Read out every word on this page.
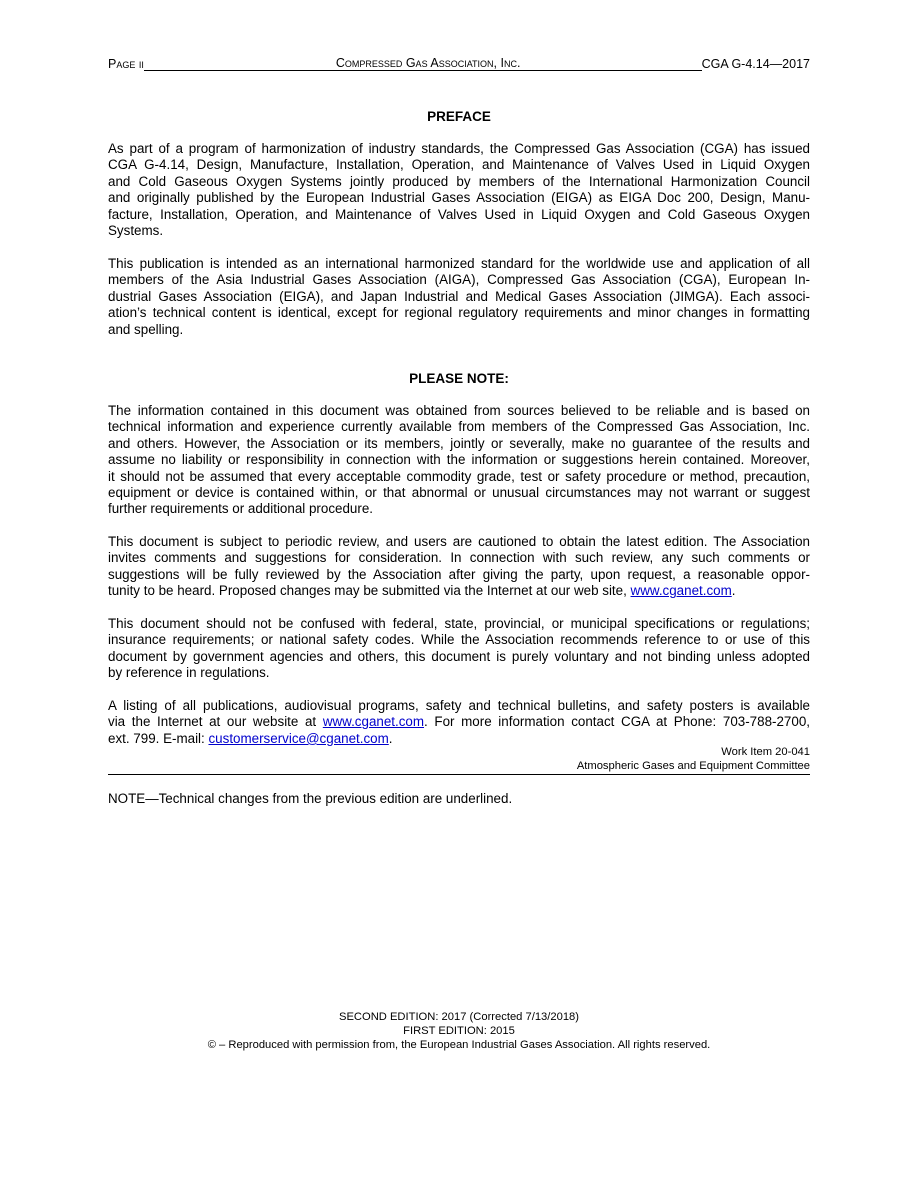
Page ii	Compressed Gas Association, Inc.	CGA G-4.14—2017
PREFACE

As part of a program of harmonization of industry standards, the Compressed Gas Association (CGA) has issued
CGA G-4.14, Design, Manufacture, Installation, Operation, and Maintenance of Valves Used in Liquid Oxygen
and Cold Gaseous Oxygen Systems jointly produced by members of the International Harmonization Council
and originally published by the European Industrial Gases Association (EIGA) as EIGA Doc 200, Design, Manu-
facture, Installation, Operation, and Maintenance of Valves Used in Liquid Oxygen and Cold Gaseous Oxygen
Systems.

This publication is intended as an international harmonized standard for the worldwide use and application of all
members of the Asia Industrial Gases Association (AIGA), Compressed Gas Association (CGA), European In-
dustrial Gases Association (EIGA), and Japan Industrial and Medical Gases Association (JIMGA). Each associ-
ation’s technical content is identical, except for regional regulatory requirements and minor changes in formatting
and spelling.

PLEASE NOTE:

The information contained in this document was obtained from sources believed to be reliable and is based on
technical information and experience currently available from members of the Compressed Gas Association, Inc.
and others. However, the Association or its members, jointly or severally, make no guarantee of the results and
assume no liability or responsibility in connection with the information or suggestions herein contained. Moreover,
it should not be assumed that every acceptable commodity grade, test or safety procedure or method, precaution,
equipment or device is contained within, or that abnormal or unusual circumstances may not warrant or suggest
further requirements or additional procedure.

This document is subject to periodic review, and users are cautioned to obtain the latest edition. The Association
invites comments and suggestions for consideration. In connection with such review, any such comments or
suggestions will be fully reviewed by the Association after giving the party, upon request, a reasonable oppor-
tunity to be heard. Proposed changes may be submitted via the Internet at our web site, www.cganet.com.

This document should not be confused with federal, state, provincial, or municipal specifications or regulations;
insurance requirements; or national safety codes. While the Association recommends reference to or use of this
document by government agencies and others, this document is purely voluntary and not binding unless adopted
by reference in regulations.

A listing of all publications, audiovisual programs, safety and technical bulletins, and safety posters is available
via the Internet at our website at www.cganet.com. For more information contact CGA at Phone: 703-788-2700,
ext. 799. E-mail: customerservice@cganet.com.

Work Item 20-041
Atmospheric Gases and Equipment Committee
NOTE—Technical changes from the previous edition are underlined.
SECOND EDITION: 2017 (Corrected 7/13/2018)
FIRST EDITION: 2015
© – Reproduced with permission from, the European Industrial Gases Association. All rights reserved.
